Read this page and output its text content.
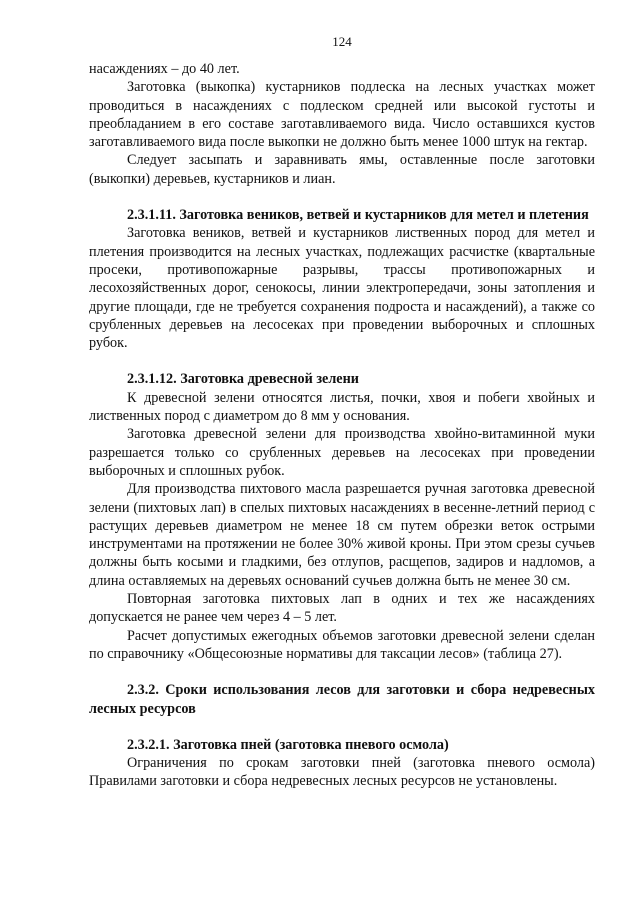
124

насаждениях – до 40 лет.

Заготовка (выкопка) кустарников подлеска на лесных участках может проводиться в насаждениях с подлеском средней или высокой густоты и преобладанием в его составе заготавливаемого вида. Число оставшихся кустов заготавливаемого вида после выкопки не должно быть менее 1000 штук на гектар.

Следует засыпать и заравнивать ямы, оставленные после заготовки (выкопки) деревьев, кустарников и лиан.

2.3.1.11. Заготовка веников, ветвей и кустарников для метел и плетения

Заготовка веников, ветвей и кустарников лиственных пород для метел и плетения производится на лесных участках, подлежащих расчистке (квартальные просеки, противопожарные разрывы, трассы противопожарных и лесохозяйственных дорог, сенокосы, линии электропередачи, зоны затопления и другие площади, где не требуется сохранения подроста и насаждений), а также со срубленных деревьев на лесосеках при проведении выборочных и сплошных рубок.

2.3.1.12. Заготовка древесной зелени

К древесной зелени относятся листья, почки, хвоя и побеги хвойных и лиственных пород с диаметром до 8 мм у основания.

Заготовка древесной зелени для производства хвойно-витаминной муки разрешается только со срубленных деревьев на лесосеках при проведении выборочных и сплошных рубок.

Для производства пихтового масла разрешается ручная заготовка древесной зелени (пихтовых лап) в спелых пихтовых насаждениях в весенне-летний период с растущих деревьев диаметром не менее 18 см путем обрезки веток острыми инструментами на протяжении не более 30% живой кроны. При этом срезы сучьев должны быть косыми и гладкими, без отлупов, расщепов, задиров и надломов, а длина оставляемых на деревьях оснований сучьев должна быть не менее 30 см.

Повторная заготовка пихтовых лап в одних и тех же насаждениях допускается не ранее чем через 4 – 5 лет.

Расчет допустимых ежегодных объемов заготовки древесной зелени сделан по справочнику «Общесоюзные нормативы для таксации лесов» (таблица 27).

2.3.2. Сроки использования лесов для заготовки и сбора недревесных лесных ресурсов
2.3.2.1. Заготовка пней (заготовка пневого осмола)

Ограничения по срокам заготовки пней (заготовка пневого осмола) Правилами заготовки и сбора недревесных лесных ресурсов не установлены.
